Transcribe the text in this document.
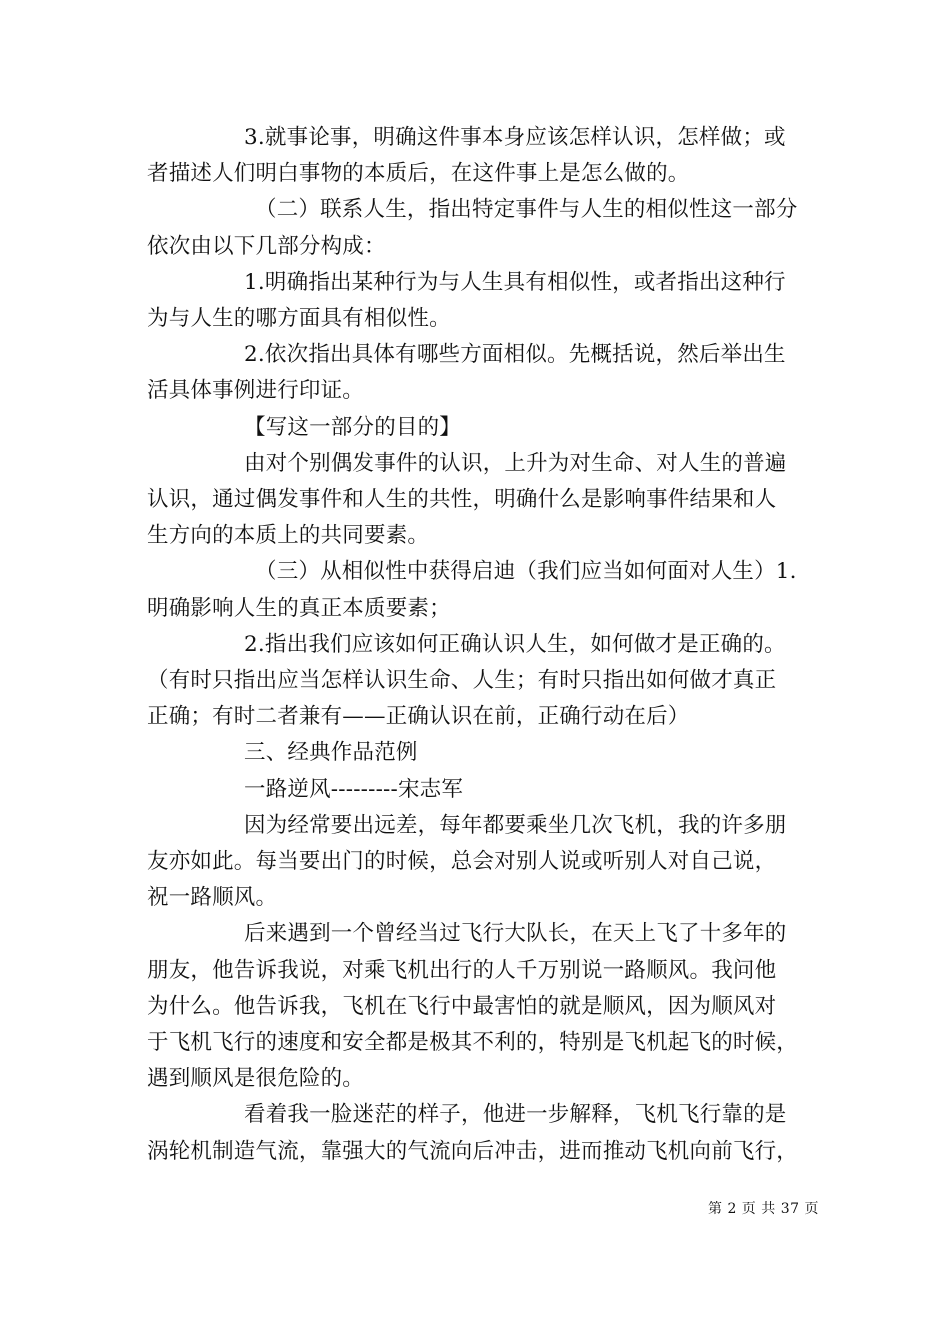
3.就事论事，明确这件事本身应该怎样认识，怎样做；或
者描述人们明白事物的本质后，在这件事上是怎么做的。
（二）联系人生，指出特定事件与人生的相似性这一部分
依次由以下几部分构成：
1.明确指出某种行为与人生具有相似性，或者指出这种行
为与人生的哪方面具有相似性。
2.依次指出具体有哪些方面相似。先概括说，然后举出生
活具体事例进行印证。
【写这一部分的目的】
由对个别偶发事件的认识，上升为对生命、对人生的普遍
认识，通过偶发事件和人生的共性，明确什么是影响事件结果和人
生方向的本质上的共同要素。
（三）从相似性中获得启迪（我们应当如何面对人生）1.
明确影响人生的真正本质要素；
2.指出我们应该如何正确认识人生，如何做才是正确的。
（有时只指出应当怎样认识生命、人生；有时只指出如何做才真正
正确；有时二者兼有——正确认识在前，正确行动在后）
三、经典作品范例
一路逆风---------宋志军
因为经常要出远差，每年都要乘坐几次飞机，我的许多朋
友亦如此。每当要出门的时候，总会对别人说或听别人对自己说，
祝一路顺风。
后来遇到一个曾经当过飞行大队长，在天上飞了十多年的
朋友，他告诉我说，对乘飞机出行的人千万别说一路顺风。我问他
为什么。他告诉我，飞机在飞行中最害怕的就是顺风，因为顺风对
于飞机飞行的速度和安全都是极其不利的，特别是飞机起飞的时候，
遇到顺风是很危险的。
看着我一脸迷茫的样子，他进一步解释，飞机飞行靠的是
涡轮机制造气流，靠强大的气流向后冲击，进而推动飞机向前飞行，
第 2 页 共 37 页
